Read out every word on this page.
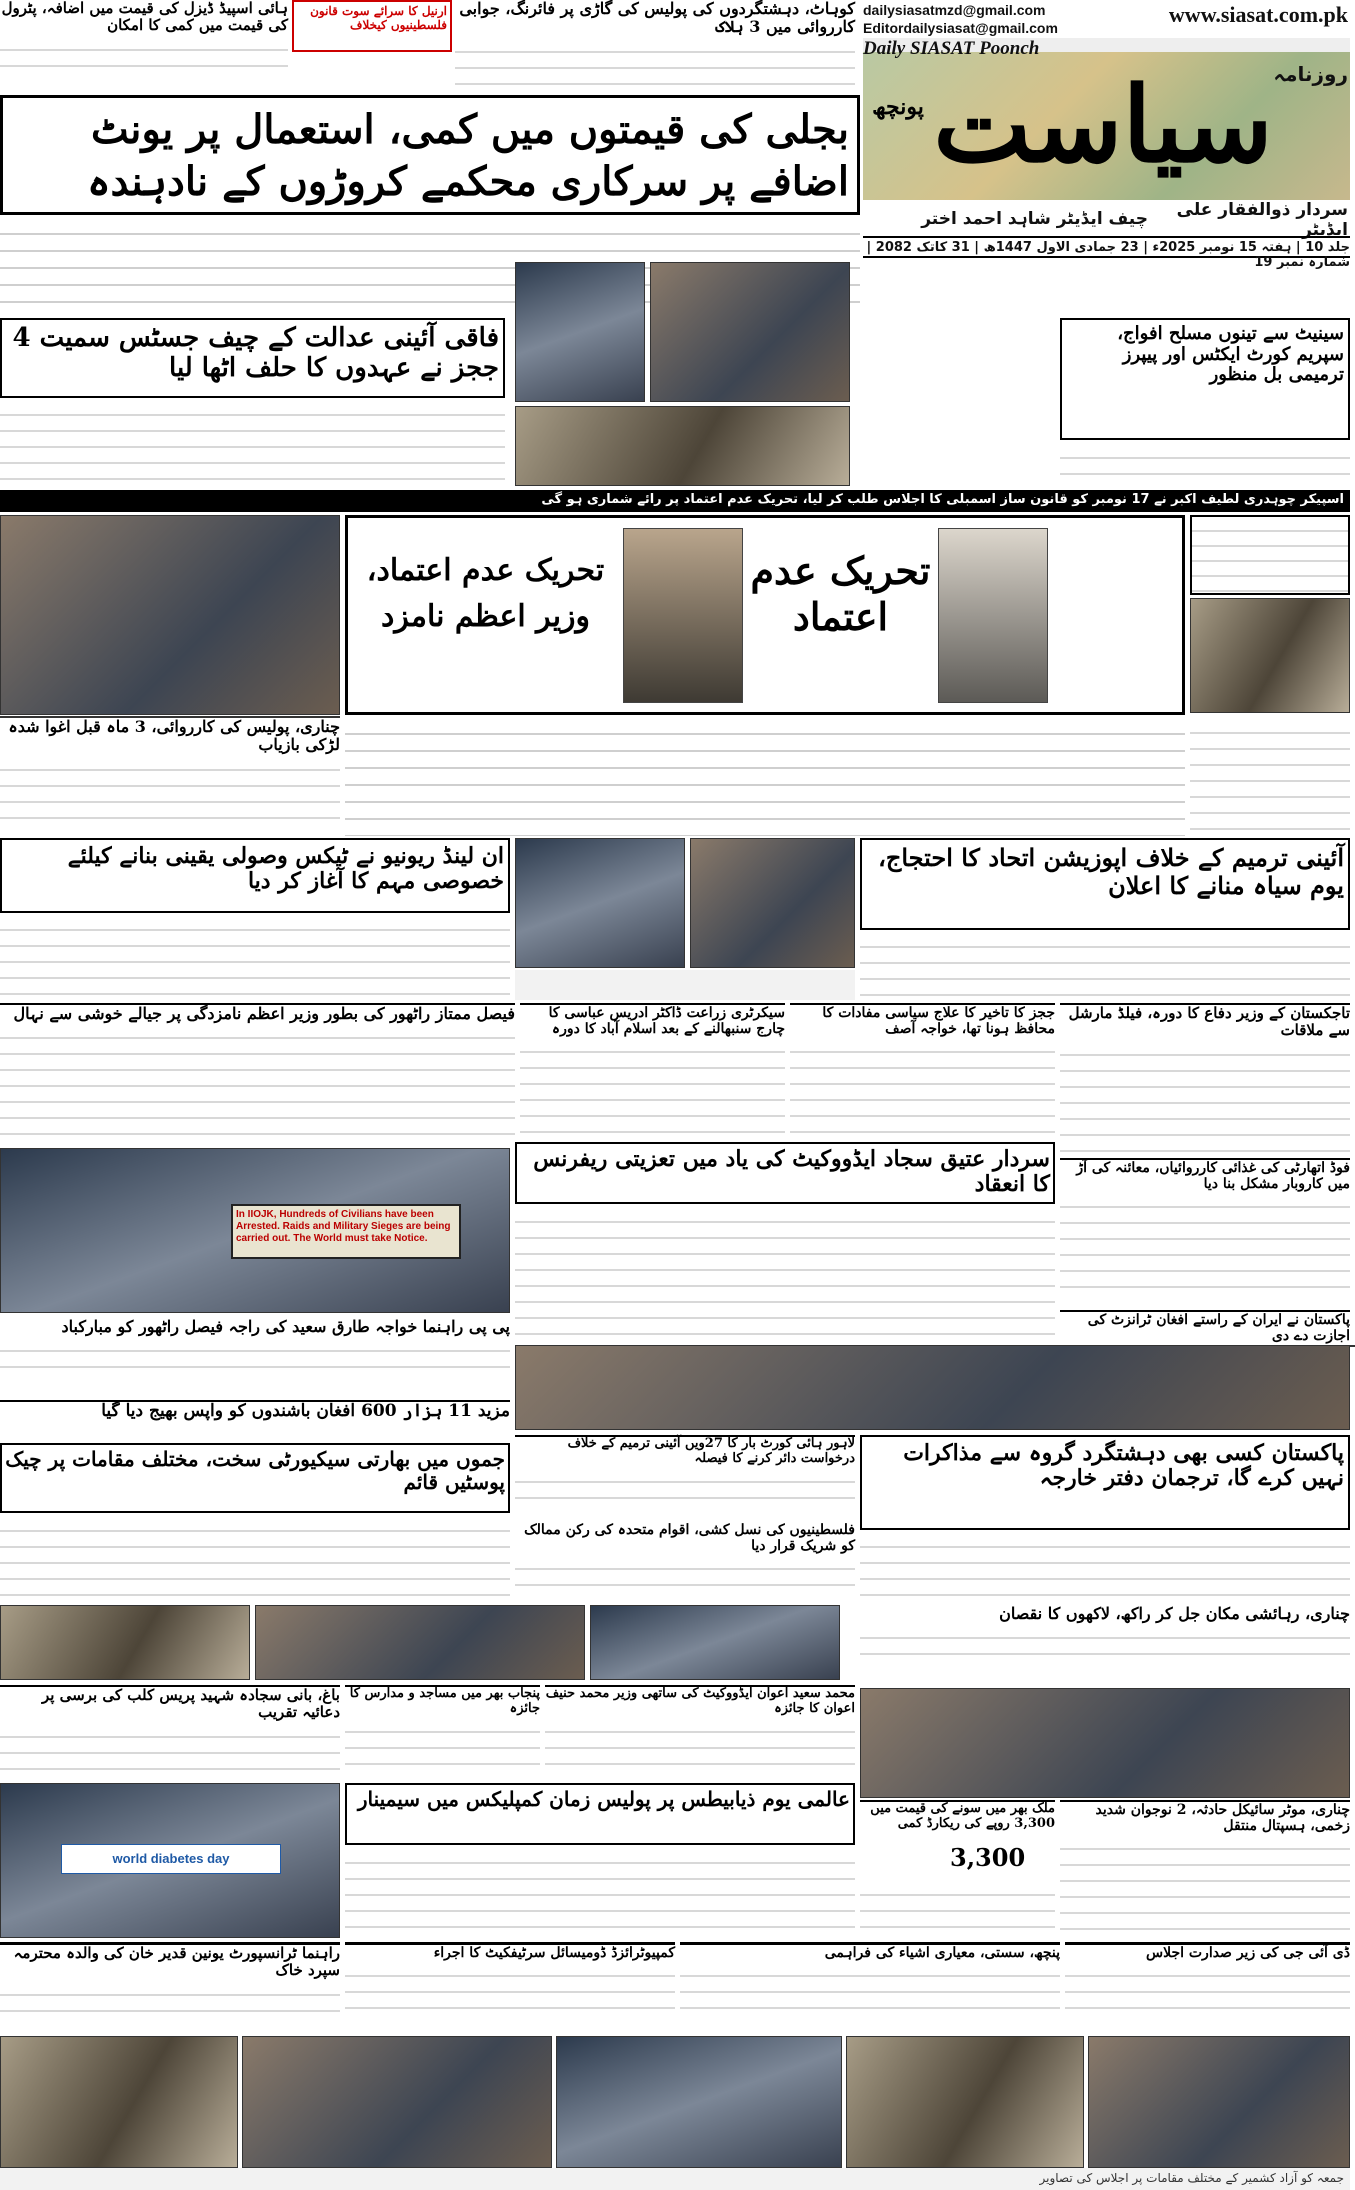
www.siasat.com.pk
dailysiasatmzd@gmail.com
Editordailysiasat@gmail.com
Daily SIASAT Poonch
سیاست
پونچھ
روزنامہ
سردار ذوالفقار علی ایڈیٹر
چیف ایڈیٹر شاہد احمد اختر
جلد 10 | ہفتہ 15 نومبر 2025ء | 23 جمادی الاول 1447ھ | 31 کاتک 2082 | شمارہ نمبر 19
کوہاٹ، دہشتگردوں کی پولیس کی گاڑی پر فائرنگ، جوابی کارروائی میں 3 ہلاک
ارنیل کا سرائے سوت قانون فلسطینیوں کیخلاف
ہائی اسپیڈ ڈیزل کی قیمت میں اضافہ، پٹرول کی قیمت میں کمی کا امکان
بجلی کی قیمتوں میں کمی، استعمال پر یونٹ اضافے پر سرکاری محکمے کروڑوں کے نادہندہ
سینیٹ سے تینوں مسلح افواج، سپریم کورٹ ایکٹس اور پیپرز ترمیمی بل منظور
فاقی آئینی عدالت کے چیف جسٹس سمیت 4 ججز نے عہدوں کا حلف اٹھا لیا
اسپیکر چوہدری لطیف اکبر نے 17 نومبر کو قانون ساز اسمبلی کا اجلاس طلب کر لیا، تحریک عدم اعتماد پر رائے شماری ہو گی
تحریک عدم اعتماد
تحریک عدم اعتماد، وزیر اعظم نامزد
چناری، پولیس کی کارروائی، 3 ماہ قبل اغوا شدہ لڑکی بازیاب
آئینی ترمیم کے خلاف اپوزیشن اتحاد کا احتجاج، یوم سیاہ منانے کا اعلان
ان لینڈ ریونیو نے ٹیکس وصولی یقینی بنانے کیلئے خصوصی مہم کا آغاز کر دیا
تاجکستان کے وزیر دفاع کا دورہ، فیلڈ مارشل سے ملاقات
ججز کا تاخیر کا علاج سیاسی مفادات کا محافظ ہونا تھا، خواجہ آصف
سیکرٹری زراعت ڈاکٹر ادریس عباسی کا چارج سنبھالنے کے بعد اسلام آباد کا دورہ
فیصل ممتاز راٹھور کی بطور وزیر اعظم نامزدگی پر جیالے خوشی سے نہال
فوڈ اتھارٹی کی غذائی کارروائیاں، معائنہ کی آڑ میں کاروبار مشکل بنا دیا
سردار عتیق سجاد ایڈووکیٹ کی یاد میں تعزیتی ریفرنس کا انعقاد
In IIOJK, Hundreds of Civilians have been Arrested. Raids and Military Sieges are being carried out. The World must take Notice.
پاکستان نے ایران کے راستے افغان ٹرانزٹ کی اجازت دے دی
پی پی راہنما خواجہ طارق سعید کی راجہ فیصل راٹھور کو مبارکباد
مزید 11 ہزار 600 افغان باشندوں کو واپس بھیج دیا گیا
جموں میں بھارتی سیکیورٹی سخت، مختلف مقامات پر چیک پوسٹیں قائم
لاہور ہائی کورٹ بار کا 27ویں آئینی ترمیم کے خلاف درخواست دائر کرنے کا فیصلہ
فلسطینیوں کی نسل کشی، اقوام متحدہ کی رکن ممالک کو شریک قرار دیا
پاکستان کسی بھی دہشتگرد گروہ سے مذاکرات نہیں کرے گا، ترجمان دفتر خارجہ
چناری، رہائشی مکان جل کر راکھ، لاکھوں کا نقصان
باغ، بانی سجادہ شہید پریس کلب کی برسی پر دعائیہ تقریب
پنجاب بھر میں مساجد و مدارس کا جائزہ
محمد سعید اعوان ایڈووکیٹ کی ساتھی وزیر محمد حنیف اعوان کا جائزہ
world diabetes day
عالمی یوم ذیابیطس پر پولیس زمان کمپلیکس میں سیمینار	چناری، موٹر سائیکل حادثہ، 2 نوجوان شدید زخمی، ہسپتال منتقل
ملک بھر میں سونے کی قیمت میں 3,300 روپے کی ریکارڈ کمی
3,300
راہنما ٹرانسپورٹ یونین قدیر خان کی والدہ محترمہ سپرد خاک
کمپیوٹرائزڈ ڈومیسائل سرٹیفکیٹ کا اجراء	پنچھ، سستی، معیاری اشیاء کی فراہمی	ڈی آئی جی کی زیر صدارت اجلاس
جمعہ کو آزاد کشمیر کے مختلف مقامات پر اجلاس کی تصاویر
